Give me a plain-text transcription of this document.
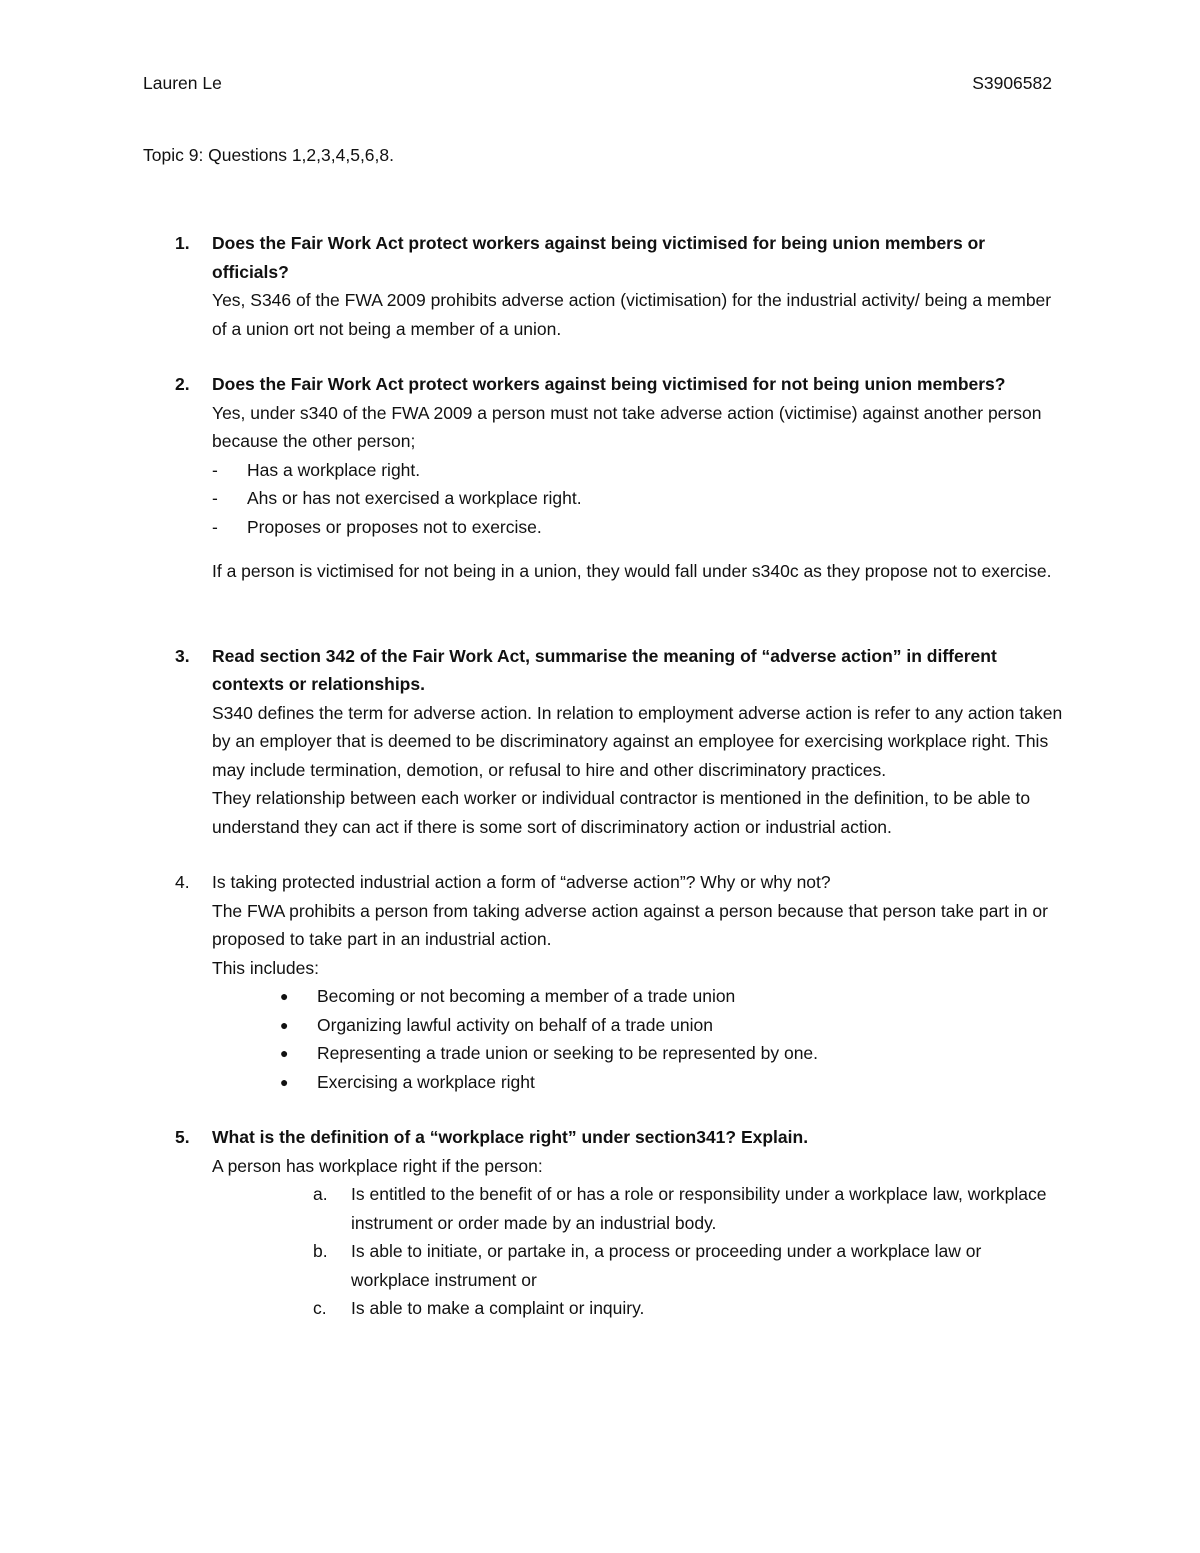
Lauren Le	S3906582
Topic 9: Questions 1,2,3,4,5,6,8.
1.	Does the Fair Work Act protect workers against being victimised for being union members or officials?
Yes, S346 of the FWA 2009 prohibits adverse action (victimisation) for the industrial activity/ being a member of a union ort not being a member of a union.
2.	Does the Fair Work Act protect workers against being victimised for not being union members?
Yes, under s340 of the FWA 2009 a person must not take adverse action (victimise) against another person because the other person;
- Has a workplace right.
- Ahs or has not exercised a workplace right.
- Proposes or proposes not to exercise.
If a person is victimised for not being in a union, they would fall under s340c as they propose not to exercise.
3.	Read section 342 of the Fair Work Act, summarise the meaning of “adverse action” in different contexts or relationships.
S340 defines the term for adverse action. In relation to employment adverse action is refer to any action taken by an employer that is deemed to be discriminatory against an employee for exercising workplace right. This may include termination, demotion, or refusal to hire and other discriminatory practices.
They relationship between each worker or individual contractor is mentioned in the definition, to be able to understand they can act if there is some sort of discriminatory action or industrial action.
4.	Is taking protected industrial action a form of “adverse action”? Why or why not?
The FWA prohibits a person from taking adverse action against a person because that person take part in or proposed to take part in an industrial action.
This includes:
● Becoming or not becoming a member of a trade union
● Organizing lawful activity on behalf of a trade union
● Representing a trade union or seeking to be represented by one.
● Exercising a workplace right
5.	What is the definition of a “workplace right” under section341? Explain.
A person has workplace right if the person:
a. Is entitled to the benefit of or has a role or responsibility under a workplace law, workplace instrument or order made by an industrial body.
b. Is able to initiate, or partake in, a process or proceeding under a workplace law or workplace instrument or
c. Is able to make a complaint or inquiry.
